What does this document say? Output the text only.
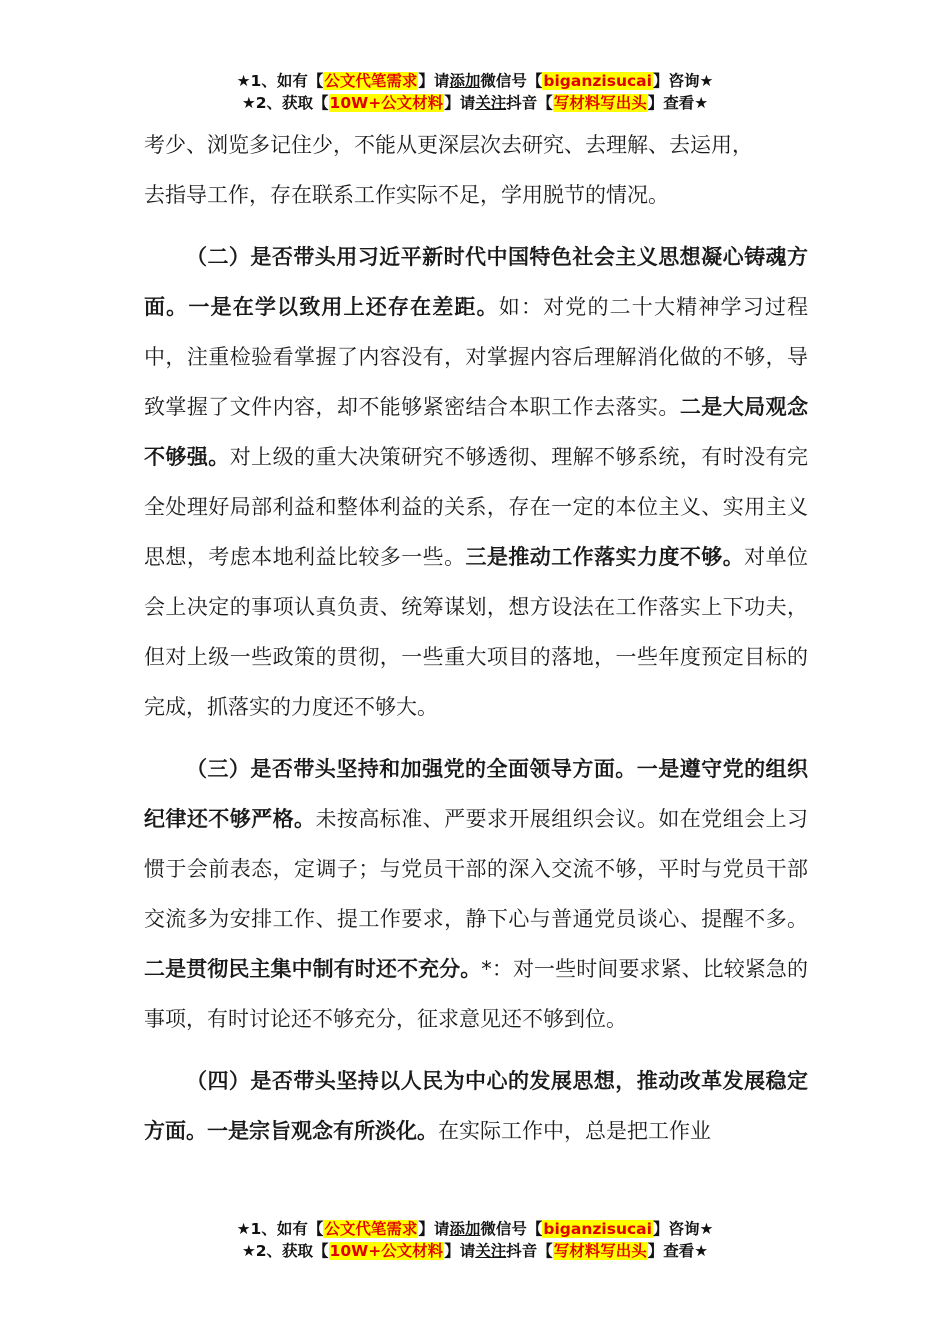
★1、如有【公文代笔需求】请添加微信号【biganzisucai】咨询★
★2、获取【10W+公文材料】请关注抖音【写材料写出头】查看★

考少、浏览多记住少，不能从更深层次去研究、去理解、去运用，
去指导工作，存在联系工作实际不足，学用脱节的情况。

（二）是否带头用习近平新时代中国特色社会主义思想凝心铸魂方面。一是在学以致用上还存在差距。如：对党的二十大精神学习过程中，注重检验看掌握了内容没有，对掌握内容后理解消化做的不够，导致掌握了文件内容，却不能够紧密结合本职工作去落实。二是大局观念不够强。对上级的重大决策研究不够透彻、理解不够系统，有时没有完全处理好局部利益和整体利益的关系，存在一定的本位主义、实用主义思想，考虑本地利益比较多一些。三是推动工作落实力度不够。对单位会上决定的事项认真负责、统筹谋划，想方设法在工作落实上下功夫，但对上级一些政策的贯彻，一些重大项目的落地，一些年度预定目标的完成，抓落实的力度还不够大。

（三）是否带头坚持和加强党的全面领导方面。一是遵守党的组织纪律还不够严格。未按高标准、严要求开展组织会议。如在党组会上习惯于会前表态，定调子；与党员干部的深入交流不够，平时与党员干部交流多为安排工作、提工作要求，静下心与普通党员谈心、提醒不多。二是贯彻民主集中制有时还不充分。*：对一些时间要求紧、比较紧急的事项，有时讨论还不够充分，征求意见还不够到位。

（四）是否带头坚持以人民为中心的发展思想，推动改革发展稳定方面。一是宗旨观念有所淡化。在实际工作中，总是把工作业

★1、如有【公文代笔需求】请添加微信号【biganzisucai】咨询★
★2、获取【10W+公文材料】请关注抖音【写材料写出头】查看★
